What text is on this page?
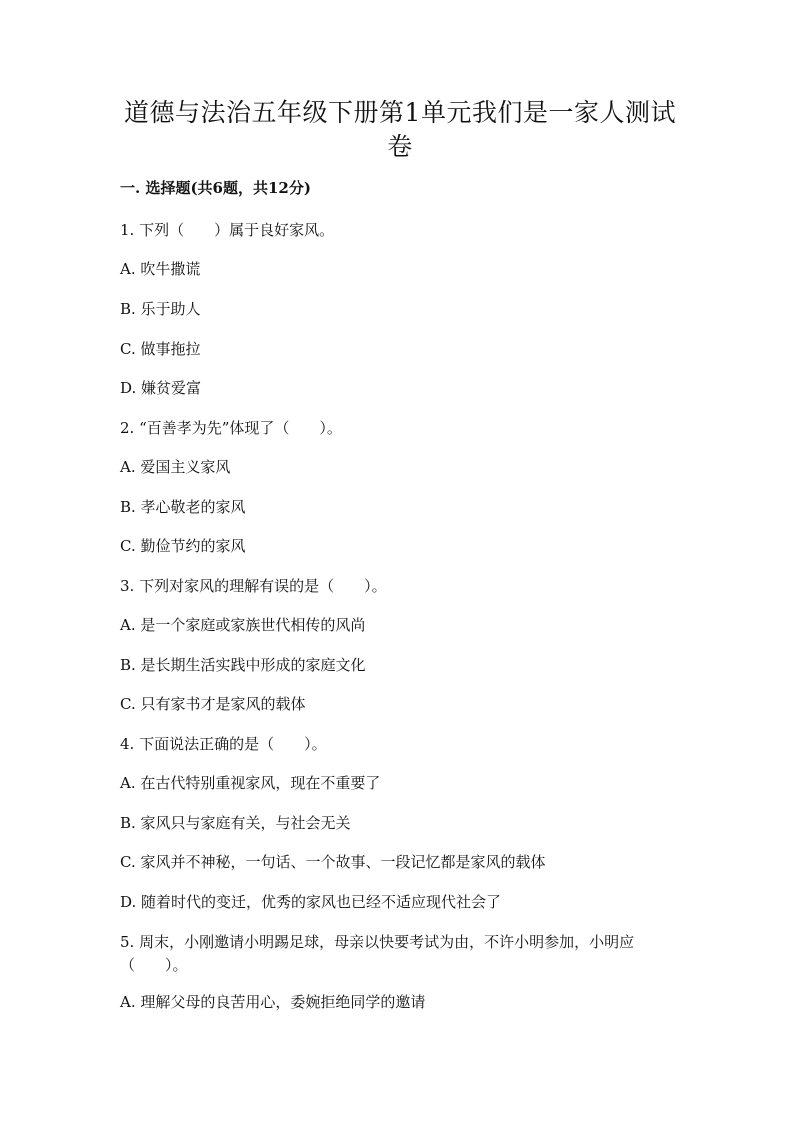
道德与法治五年级下册第1单元我们是一家人测试卷
一. 选择题(共6题，共12分)
1. 下列（　　）属于良好家风。
A. 吹牛撒谎
B. 乐于助人
C. 做事拖拉
D. 嫌贫爱富
2. “百善孝为先”体现了（　　）。
A. 爱国主义家风
B. 孝心敬老的家风
C. 勤俭节约的家风
3. 下列对家风的理解有误的是（　　）。
A. 是一个家庭或家族世代相传的风尚
B. 是长期生活实践中形成的家庭文化
C. 只有家书才是家风的载体
4. 下面说法正确的是（　　）。
A. 在古代特别重视家风，现在不重要了
B. 家风只与家庭有关，与社会无关
C. 家风并不神秘，一句话、一个故事、一段记忆都是家风的载体
D. 随着时代的变迁，优秀的家风也已经不适应现代社会了
5. 周末，小刚邀请小明踢足球，母亲以快要考试为由，不许小明参加，小明应（　　）。
A. 理解父母的良苦用心，委婉拒绝同学的邀请
